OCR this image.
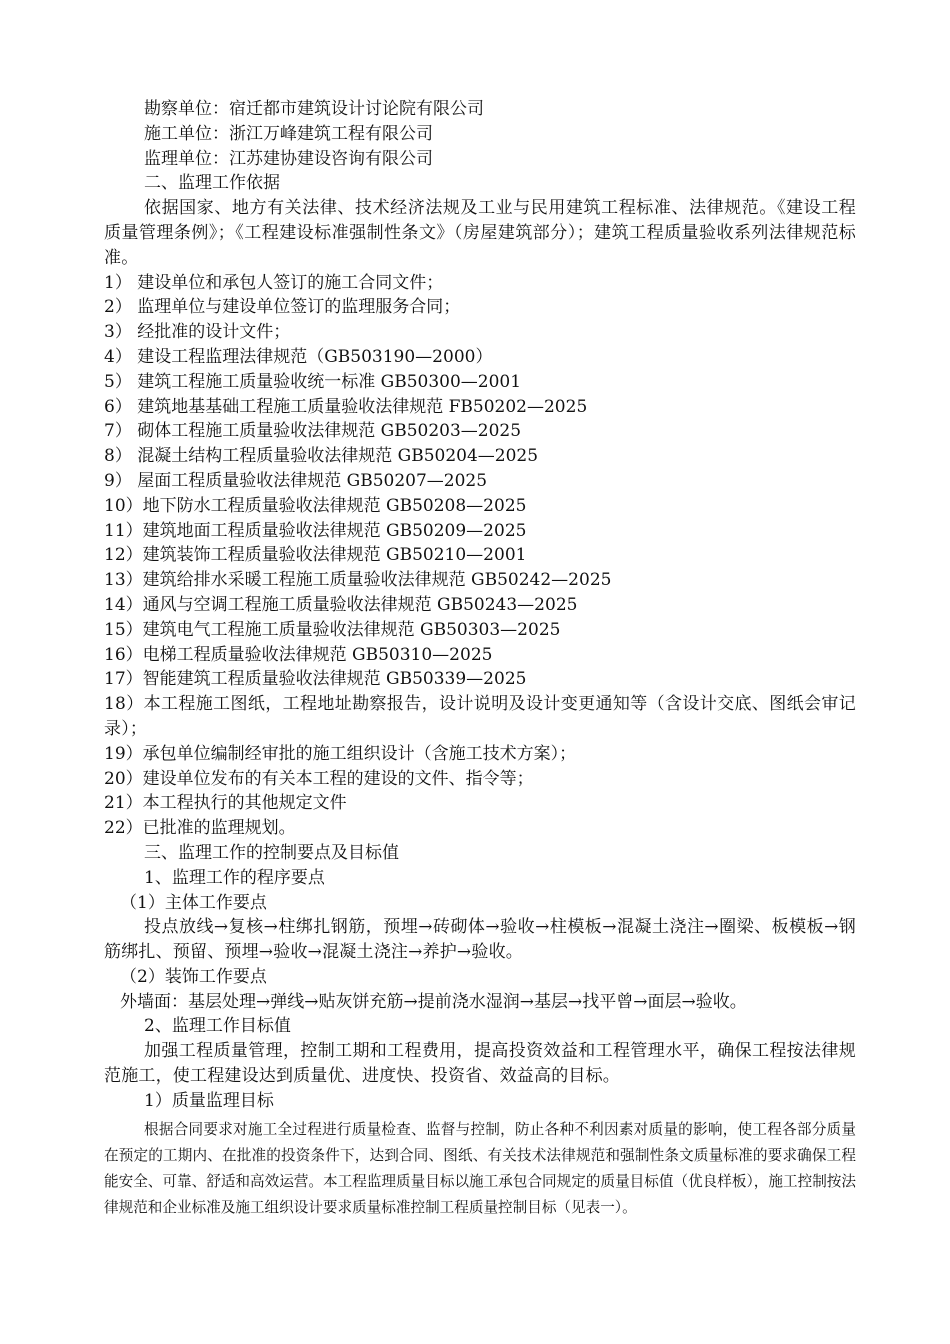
勘察单位：宿迁都市建筑设计讨论院有限公司
施工单位：浙江万峰建筑工程有限公司
监理单位：江苏建协建设咨询有限公司
二、监理工作依据
依据国家、地方有关法律、技术经济法规及工业与民用建筑工程标准、法律规范。《建设工程质量管理条例》；《工程建设标准强制性条文》（房屋建筑部分）；建筑工程质量验收系列法律规范标准。
1） 建设单位和承包人签订的施工合同文件；
2） 监理单位与建设单位签订的监理服务合同；
3） 经批准的设计文件；
4） 建设工程监理法律规范（GB503190—2000）
5） 建筑工程施工质量验收统一标准 GB50300—2001
6） 建筑地基基础工程施工质量验收法律规范 FB50202—2025
7） 砌体工程施工质量验收法律规范 GB50203—2025
8） 混凝土结构工程质量验收法律规范 GB50204—2025
9） 屋面工程质量验收法律规范 GB50207—2025
10）地下防水工程质量验收法律规范 GB50208—2025
11）建筑地面工程质量验收法律规范 GB50209—2025
12）建筑装饰工程质量验收法律规范 GB50210—2001
13）建筑给排水采暖工程施工质量验收法律规范 GB50242—2025
14）通风与空调工程施工质量验收法律规范 GB50243—2025
15）建筑电气工程施工质量验收法律规范 GB50303—2025
16）电梯工程质量验收法律规范 GB50310—2025
17）智能建筑工程质量验收法律规范 GB50339—2025
18）本工程施工图纸，工程地址勘察报告，设计说明及设计变更通知等（含设计交底、图纸会审记录）；
19）承包单位编制经审批的施工组织设计（含施工技术方案）；
20）建设单位发布的有关本工程的建设的文件、指令等；
21）本工程执行的其他规定文件
22）已批准的监理规划。
三、监理工作的控制要点及目标值
1、监理工作的程序要点
（1）主体工作要点
投点放线→复核→柱绑扎钢筋，预埋→砖砌体→验收→柱模板→混凝土浇注→圈梁、板模板→钢筋绑扎、预留、预埋→验收→混凝土浇注→养护→验收。
（2）装饰工作要点
外墙面：基层处理→弹线→贴灰饼充筋→提前浇水湿润→基层→找平曾→面层→验收。
2、监理工作目标值
加强工程质量管理，控制工期和工程费用，提高投资效益和工程管理水平，确保工程按法律规范施工，使工程建设达到质量优、进度快、投资省、效益高的目标。
1）质量监理目标
根据合同要求对施工全过程进行质量检查、监督与控制，防止各种不利因素对质量的影响，使工程各部分质量在预定的工期内、在批准的投资条件下，达到合同、图纸、有关技术法律规范和强制性条文质量标准的要求确保工程能安全、可靠、舒适和高效运营。本工程监理质量目标以施工承包合同规定的质量目标值（优良样板），施工控制按法律规范和企业标准及施工组织设计要求质量标准控制工程质量控制目标（见表一）。
